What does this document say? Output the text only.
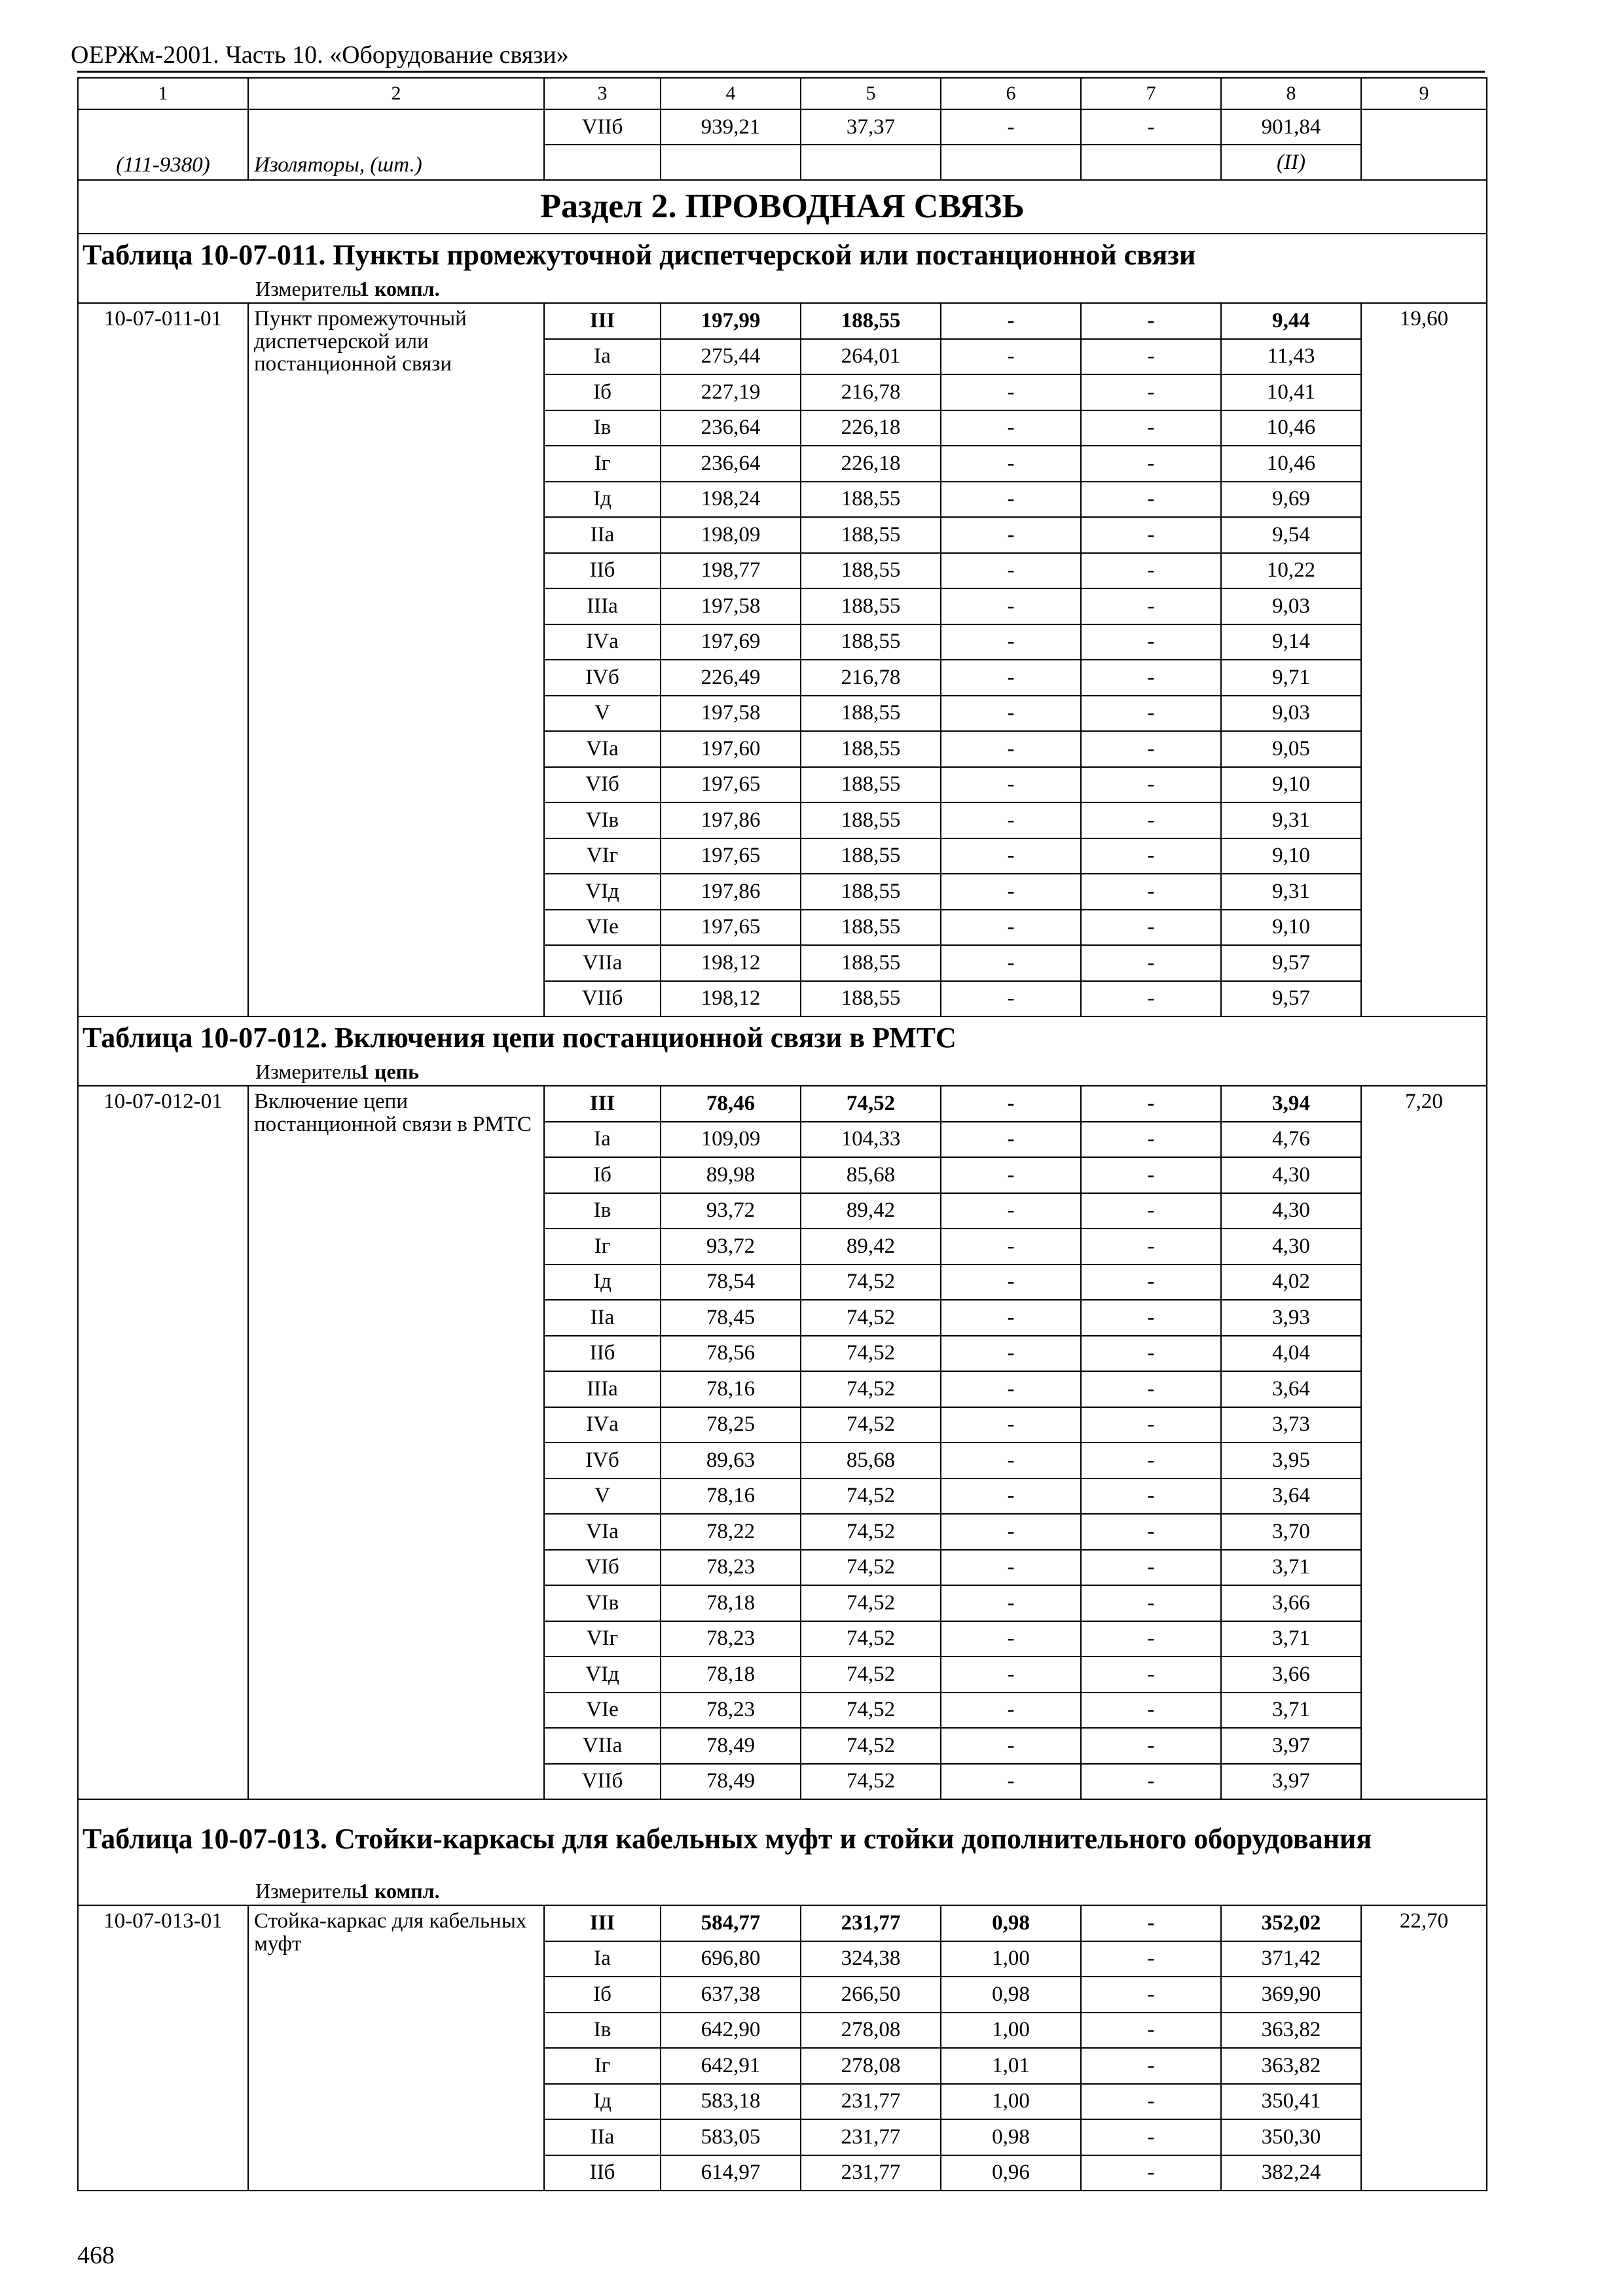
ОЕРЖм-2001. Часть 10. «Оборудование связи»
1	2	3	4	5	6	7	8	9
(111-9380)	Изоляторы, (шт.)	VIIб	939,21	37,37	-	-	901,84	
							(II)	
Раздел 2. ПРОВОДНАЯ СВЯЗЬ								
Таблица 10-07-011. Пункты промежуточной диспетчерской или постанционной связи								

Измеритель:
1 компл.								

10-07-011-01	Пункт промежуточный диспетчерской или постанционной связи	III	197,99	188,55	-	-	9,44	19,60
		Iа	275,44	264,01	-	-	11,43	
		Iб	227,19	216,78	-	-	10,41	
		Iв	236,64	226,18	-	-	10,46	
		Iг	236,64	226,18	-	-	10,46	
		Iд	198,24	188,55	-	-	9,69	
		IIа	198,09	188,55	-	-	9,54	
		IIб	198,77	188,55	-	-	10,22	
		IIIа	197,58	188,55	-	-	9,03	
		IVа	197,69	188,55	-	-	9,14	
		IVб	226,49	216,78	-	-	9,71	
		V	197,58	188,55	-	-	9,03	
		VIа	197,60	188,55	-	-	9,05	
		VIб	197,65	188,55	-	-	9,10	
		VIв	197,86	188,55	-	-	9,31	
		VIг	197,65	188,55	-	-	9,10	
		VIд	197,86	188,55	-	-	9,31	
		VIе	197,65	188,55	-	-	9,10	
		VIIа	198,12	188,55	-	-	9,57	
		VIIб	198,12	188,55	-	-	9,57	
Таблица 10-07-012. Включения цепи постанционной связи в РМТС								

Измеритель:
1 цепь								

10-07-012-01	Включение цепи постанционной связи в РМТС	III	78,46	74,52	-	-	3,94	7,20
		Iа	109,09	104,33	-	-	4,76	
		Iб	89,98	85,68	-	-	4,30	
		Iв	93,72	89,42	-	-	4,30	
		Iг	93,72	89,42	-	-	4,30	
		Iд	78,54	74,52	-	-	4,02	
		IIа	78,45	74,52	-	-	3,93	
		IIб	78,56	74,52	-	-	4,04	
		IIIа	78,16	74,52	-	-	3,64	
		IVа	78,25	74,52	-	-	3,73	
		IVб	89,63	85,68	-	-	3,95	
		V	78,16	74,52	-	-	3,64	
		VIа	78,22	74,52	-	-	3,70	
		VIб	78,23	74,52	-	-	3,71	
		VIв	78,18	74,52	-	-	3,66	
		VIг	78,23	74,52	-	-	3,71	
		VIд	78,18	74,52	-	-	3,66	
		VIе	78,23	74,52	-	-	3,71	
		VIIа	78,49	74,52	-	-	3,97	
		VIIб	78,49	74,52	-	-	3,97	
Таблица 10-07-013. Стойки-каркасы для кабельных муфт и стойки дополнительного оборудования								

Измеритель:
1 компл.								

10-07-013-01	Стойка-каркас для кабельных муфт	III	584,77	231,77	0,98	-	352,02	22,70
		Iа	696,80	324,38	1,00	-	371,42	
		Iб	637,38	266,50	0,98	-	369,90	
		Iв	642,90	278,08	1,00	-	363,82	
		Iг	642,91	278,08	1,01	-	363,82	
		Iд	583,18	231,77	1,00	-	350,41	
		IIа	583,05	231,77	0,98	-	350,30	
		IIб	614,97	231,77	0,96	-	382,24	
468
